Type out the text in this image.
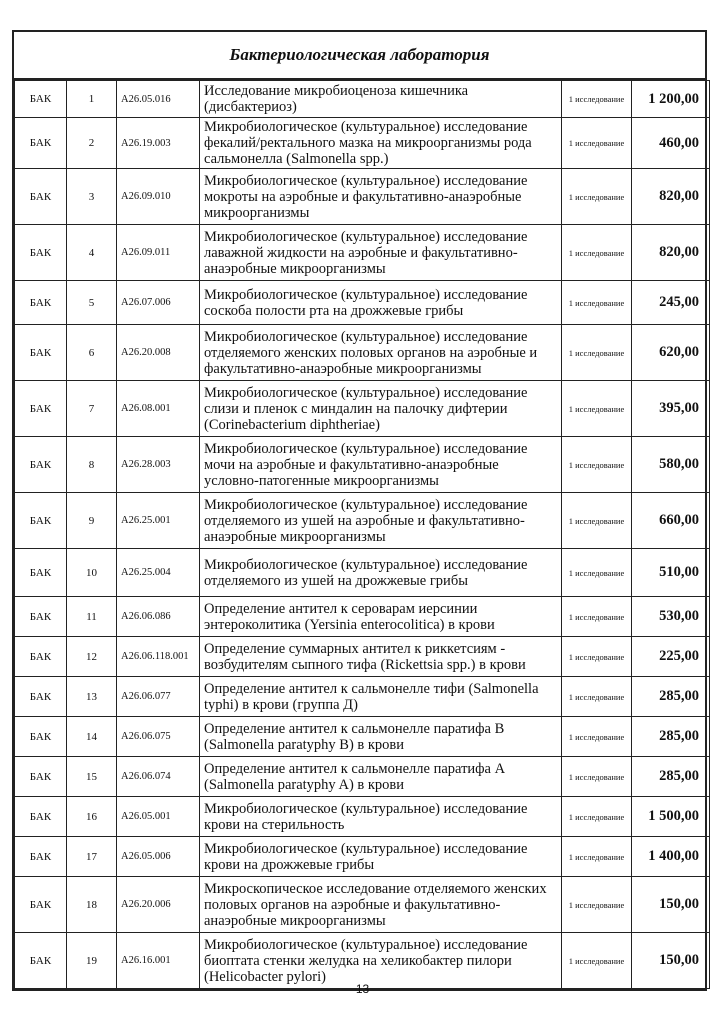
Бактериологическая лаборатория
БАК	1	A26.05.016	Исследование микробиоценоза кишечника (дисбактериоз)	1 исследование	1 200,00
БАК	2	A26.19.003	Микробиологическое (культуральное) исследование фекалий/ректального мазка на микроорганизмы рода сальмонелла (Salmonella spp.)	1 исследование	460,00
БАК	3	A26.09.010	Микробиологическое (культуральное) исследование мокроты на аэробные и факультативно-анаэробные микроорганизмы	1 исследование	820,00
БАК	4	A26.09.011	Микробиологическое (культуральное) исследование лаважной жидкости на аэробные и факультативно-анаэробные микроорганизмы	1 исследование	820,00
БАК	5	A26.07.006	Микробиологическое (культуральное) исследование соскоба полости рта на дрожжевые грибы	1 исследование	245,00
БАК	6	A26.20.008	Микробиологическое (культуральное) исследование отделяемого женских половых органов на аэробные и факультативно-анаэробные микроорганизмы	1 исследование	620,00
БАК	7	A26.08.001	Микробиологическое (культуральное) исследование слизи и пленок с миндалин на палочку дифтерии (Corinebacterium diphtheriae)	1 исследование	395,00
БАК	8	A26.28.003	Микробиологическое (культуральное) исследование мочи на аэробные и факультативно-анаэробные условно-патогенные микроорганизмы	1 исследование	580,00
БАК	9	A26.25.001	Микробиологическое (культуральное) исследование отделяемого из ушей на аэробные и факультативно-анаэробные микроорганизмы	1 исследование	660,00
БАК	10	A26.25.004	Микробиологическое (культуральное) исследование отделяемого из ушей на дрожжевые грибы	1 исследование	510,00
БАК	11	A26.06.086	Определение антител к серoварам иерсинии энтероколитика (Yersinia enterocolitica) в крови	1 исследование	530,00
БАК	12	A26.06.118.001	Определение суммарных антител к риккетсиям - возбудителям сыпного тифа (Rickettsia spp.) в крови	1 исследование	225,00
БАК	13	A26.06.077	Определение антител к сальмонелле тифи (Salmonella typhi) в крови (группа Д)	1 исследование	285,00
БАК	14	A26.06.075	Определение антител к сальмонелле паратифа В (Salmonella paratyphy B) в крови	1 исследование	285,00
БАК	15	A26.06.074	Определение антител к сальмонелле паратифа А (Salmonella paratyphy A) в крови	1 исследование	285,00
БАК	16	A26.05.001	Микробиологическое (культуральное) исследование крови на стерильность	1 исследование	1 500,00
БАК	17	A26.05.006	Микробиологическое (культуральное) исследование крови на дрожжевые грибы	1 исследование	1 400,00
БАК	18	A26.20.006	Микроскопическое исследование отделяемого женских половых органов на аэробные и факультативно-анаэробные микроорганизмы	1 исследование	150,00
БАК	19	A26.16.001	Микробиологическое (культуральное) исследование биоптата стенки желудка на хеликобактер пилори (Helicobacter pylori)	1 исследование	150,00
13
